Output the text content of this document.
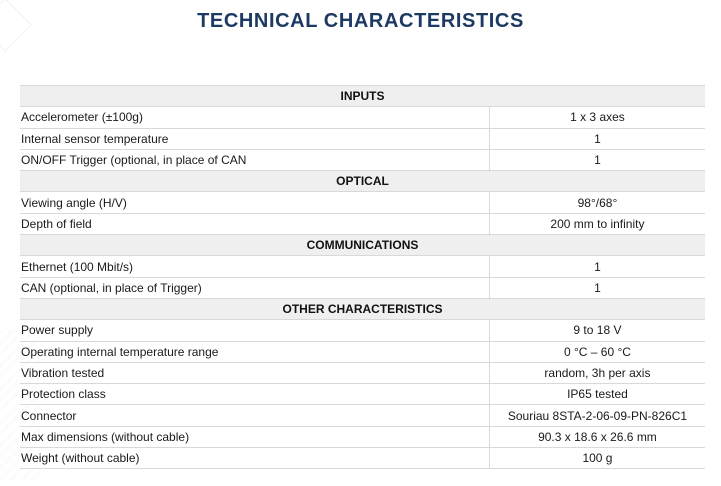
TECHNICAL CHARACTERISTICS
INPUTS	
Accelerometer (±100g)	1 x 3 axes
Internal sensor temperature	1
ON/OFF Trigger (optional, in place of CAN	1
OPTICAL	
Viewing angle (H/V)	98°/68°
Depth of field	200 mm to infinity
COMMUNICATIONS	
Ethernet (100 Mbit/s)	1
CAN (optional, in place of Trigger)	1
OTHER CHARACTERISTICS	
Power supply	9 to 18 V
Operating internal temperature range	0 °C – 60 °C
Vibration tested	random, 3h per axis
Protection class	IP65 tested
Connector	Souriau 8STA-2-06-09-PN-826C1
Max dimensions (without cable)	90.3 x 18.6 x 26.6 mm
Weight (without cable)	100 g
